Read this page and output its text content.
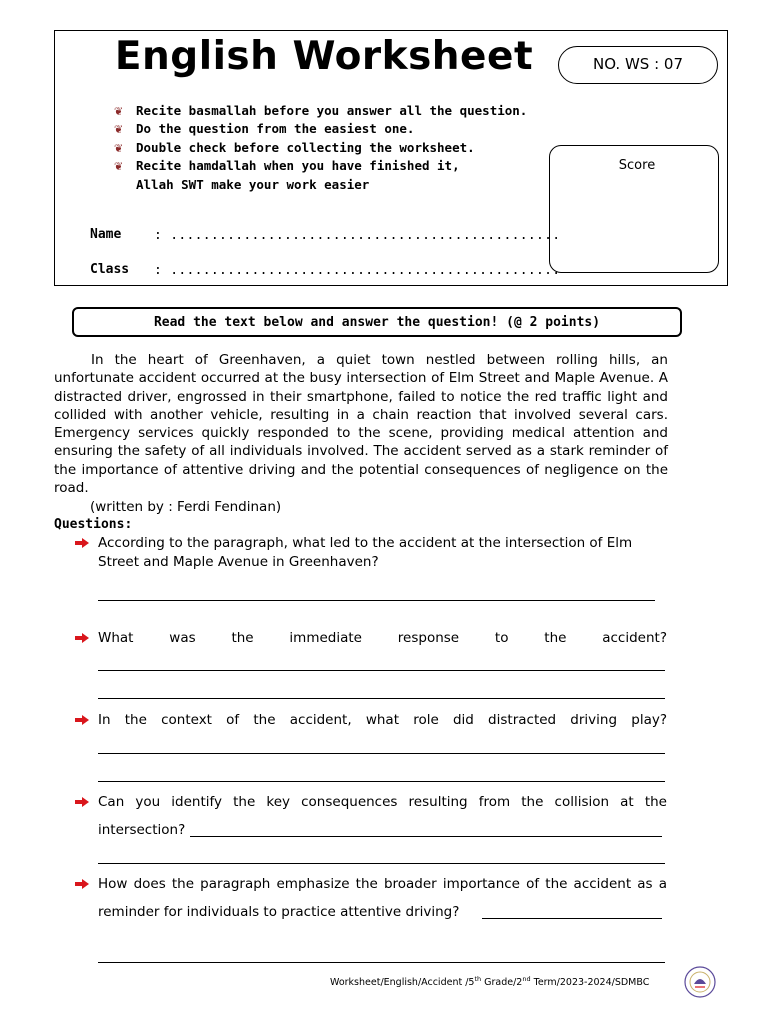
English Worksheet	NO. WS : 07
❦ Recite basmallah before you answer all the question.
❦ Do the question from the easiest one.
❦ Double check before collecting the worksheet.
❦ Recite hamdallah when you have finished it,
Allah SWT make your work easier
Score
Name	: ................................................
Class : ................................................
Read the text below and answer the question! (@ 2 points)

In the heart of Greenhaven, a quiet town nestled between rolling hills, an unfortunate accident occurred at the busy intersection of Elm Street and Maple Avenue. A distracted driver, engrossed in their smartphone, failed to notice the red traffic light and collided with another vehicle, resulting in a chain reaction that involved several cars. Emergency services quickly responded to the scene, providing medical attention and ensuring the safety of all individuals involved. The accident served as a stark reminder of the importance of attentive driving and the potential consequences of negligence on the road.

(written by : Ferdi Fendinan)
Questions:
According to the paragraph, what led to the accident at the intersection of Elm Street and Maple Avenue in Greenhaven?
What was the immediate response to the accident?
In the context of the accident, what role did distracted driving play?
Can you identify the key consequences resulting from the collision at the
intersection?
How does the paragraph emphasize the broader importance of the accident as a
reminder for individuals to practice attentive driving?
Worksheet/English/Accident /5th Grade/2nd Term/2023-2024/SDMBC
